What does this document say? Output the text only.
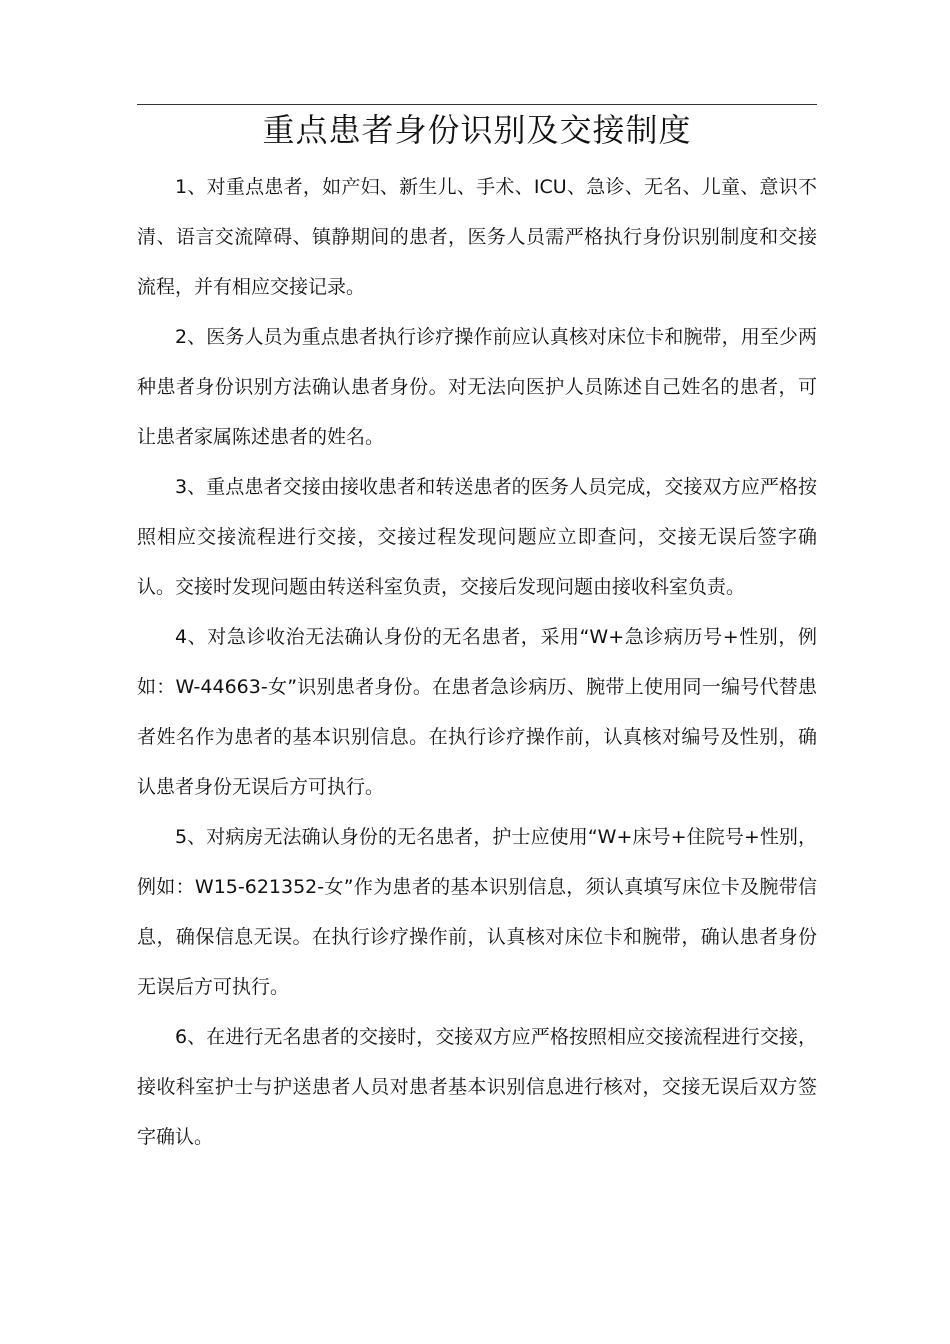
重点患者身份识别及交接制度

1、对重点患者，如产妇、新生儿、手术、ICU、急诊、无名、儿童、意识不清、语言交流障碍、镇静期间的患者，医务人员需严格执行身份识别制度和交接流程，并有相应交接记录。

2、医务人员为重点患者执行诊疗操作前应认真核对床位卡和腕带，用至少两种患者身份识别方法确认患者身份。对无法向医护人员陈述自己姓名的患者，可让患者家属陈述患者的姓名。

3、重点患者交接由接收患者和转送患者的医务人员完成，交接双方应严格按照相应交接流程进行交接，交接过程发现问题应立即查问，交接无误后签字确认。交接时发现问题由转送科室负责，交接后发现问题由接收科室负责。

4、对急诊收治无法确认身份的无名患者，采用“W+急诊病历号+性别，例如：W-44663-女”识别患者身份。在患者急诊病历、腕带上使用同一编号代替患者姓名作为患者的基本识别信息。在执行诊疗操作前，认真核对编号及性别，确认患者身份无误后方可执行。

5、对病房无法确认身份的无名患者，护士应使用“W+床号+住院号+性别，例如：W15-621352-女”作为患者的基本识别信息，须认真填写床位卡及腕带信息，确保信息无误。在执行诊疗操作前，认真核对床位卡和腕带，确认患者身份无误后方可执行。

6、在进行无名患者的交接时，交接双方应严格按照相应交接流程进行交接，接收科室护士与护送患者人员对患者基本识别信息进行核对，交接无误后双方签字确认。
